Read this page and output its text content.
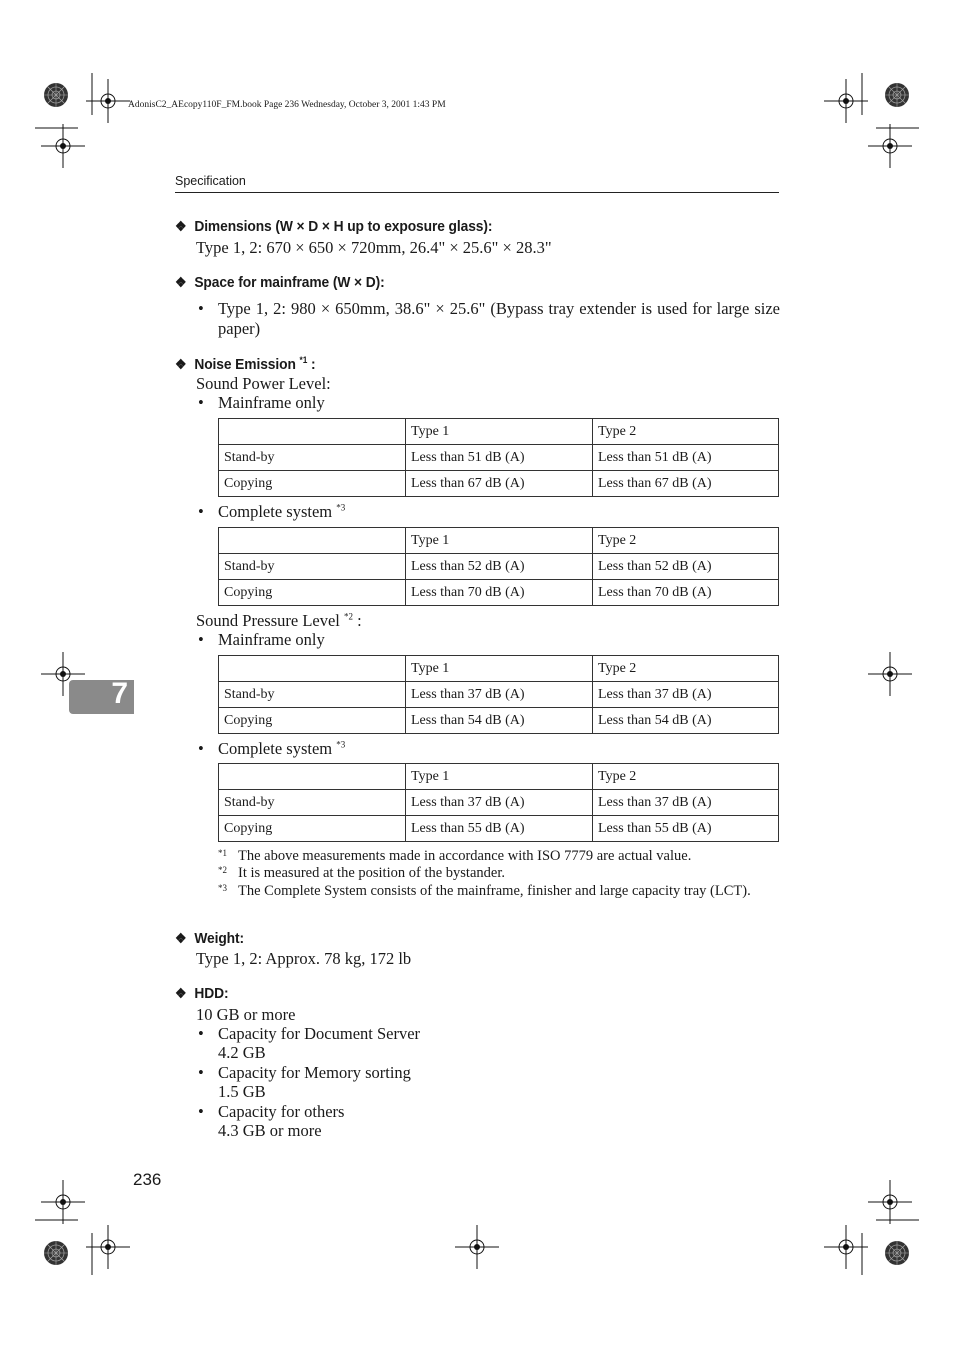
AdonisC2_AEcopy110F_FM.book Page 236 Wednesday, October 3, 2001 1:43 PM
Specification
7
❖ Dimensions (W × D × H up to exposure glass):
Type 1, 2: 670 × 650 × 720mm, 26.4" × 25.6" × 28.3"
❖ Space for mainframe (W × D):
• Type 1, 2: 980 × 650mm, 38.6" × 25.6" (Bypass tray extender is used for large size paper)
❖ Noise Emission $^{*1}$ :
Sound Power Level:
• Mainframe only
	Type 1	Type 2
Stand-by	Less than 51 dB (A)	Less than 51 dB (A)
Copying	Less than 67 dB (A)	Less than 67 dB (A)
• Complete system $^{*3}$
	Type 1	Type 2
Stand-by	Less than 52 dB (A)	Less than 52 dB (A)
Copying	Less than 70 dB (A)	Less than 70 dB (A)
Sound Pressure Level $^{*2}$ :
• Mainframe only
	Type 1	Type 2
Stand-by	Less than 37 dB (A)	Less than 37 dB (A)
Copying	Less than 54 dB (A)	Less than 54 dB (A)
• Complete system $^{*3}$
	Type 1	Type 2
Stand-by	Less than 37 dB (A)	Less than 37 dB (A)
Copying	Less than 55 dB (A)	Less than 55 dB (A)
*1 The above measurements made in accordance with ISO 7779 are actual value.
*2 It is measured at the position of the bystander.
*3 The Complete System consists of the mainframe, finisher and large capacity tray (LCT).
❖ Weight:
Type 1, 2: Approx. 78 kg, 172 lb
❖ HDD:
10 GB or more
• Capacity for Document Server
4.2 GB
• Capacity for Memory sorting
1.5 GB
• Capacity for others
4.3 GB or more
236
